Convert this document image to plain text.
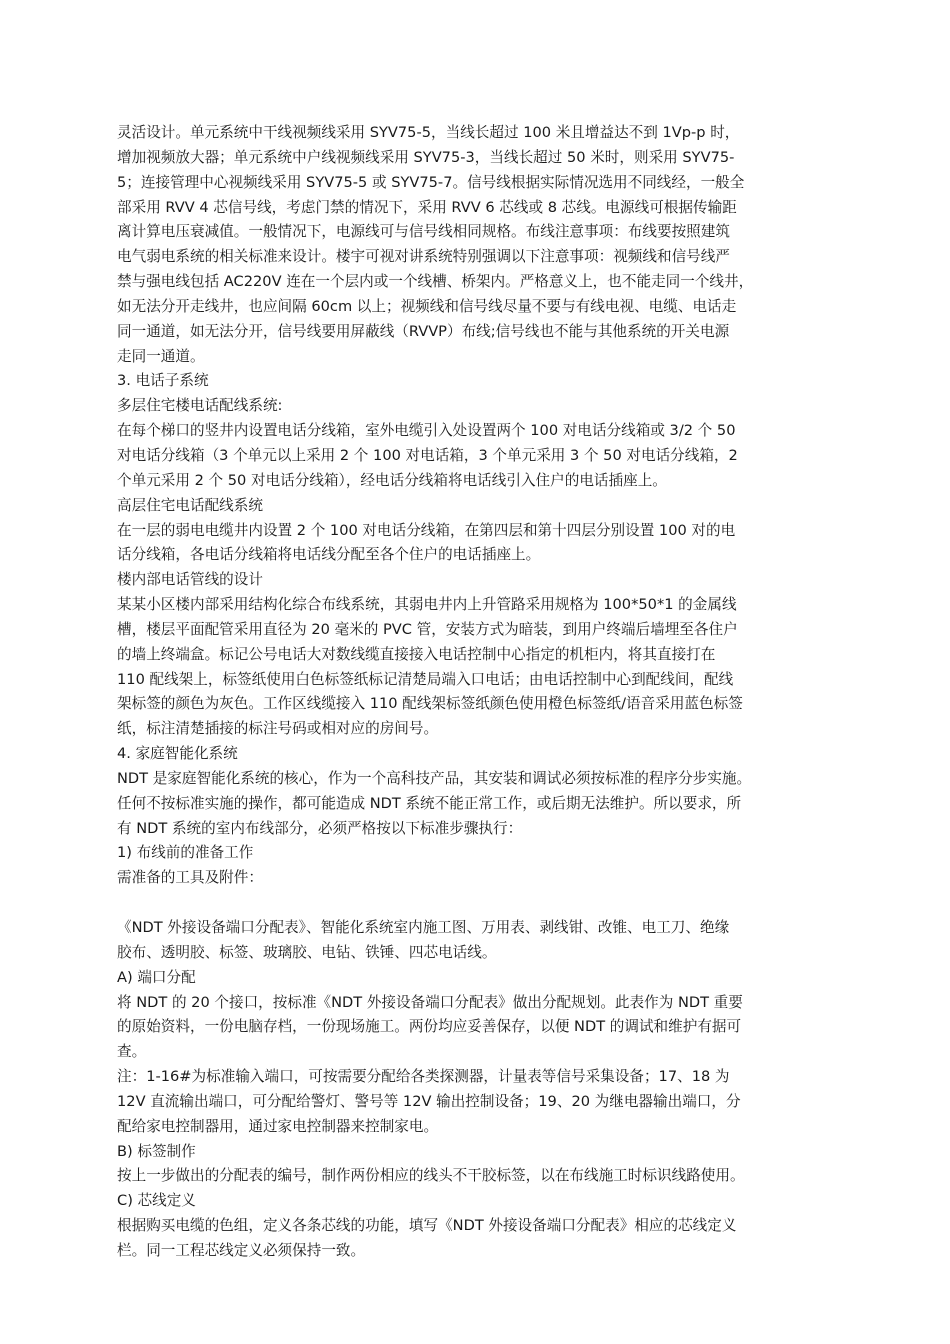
灵活设计。单元系统中干线视频线采用 SYV75-5，当线长超过 100 米且增益达不到 1Vp-p 时，
增加视频放大器；单元系统中户线视频线采用 SYV75-3，当线长超过 50 米时，则采用 SYV75-
5；连接管理中心视频线采用 SYV75-5 或 SYV75-7。信号线根据实际情况选用不同线经，一般全
部采用 RVV 4 芯信号线，考虑门禁的情况下，采用 RVV 6 芯线或 8 芯线。电源线可根据传输距
离计算电压衰减值。一般情况下，电源线可与信号线相同规格。布线注意事项：布线要按照建筑
电气弱电系统的相关标准来设计。楼宇可视对讲系统特别强调以下注意事项：视频线和信号线严
禁与强电线包括 AC220V 连在一个层内或一个线槽、桥架内。严格意义上，也不能走同一个线井，
如无法分开走线井，也应间隔 60cm 以上；视频线和信号线尽量不要与有线电视、电缆、电话走
同一通道，如无法分开，信号线要用屏蔽线（RVVP）布线;信号线也不能与其他系统的开关电源
走同一通道。
3. 电话子系统
多层住宅楼电话配线系统:
在每个梯口的竖井内设置电话分线箱，室外电缆引入处设置两个 100 对电话分线箱或 3/2 个 50
对电话分线箱（3 个单元以上采用 2 个 100 对电话箱，3 个单元采用 3 个 50 对电话分线箱，2
个单元采用 2 个 50 对电话分线箱），经电话分线箱将电话线引入住户的电话插座上。
高层住宅电话配线系统
在一层的弱电电缆井内设置 2 个 100 对电话分线箱，在第四层和第十四层分别设置 100 对的电
话分线箱，各电话分线箱将电话线分配至各个住户的电话插座上。
楼内部电话管线的设计
某某小区楼内部采用结构化综合布线系统，其弱电井内上升管路采用规格为 100*50*1 的金属线
槽，楼层平面配管采用直径为 20 毫米的 PVC 管，安装方式为暗装，到用户终端后墙埋至各住户
的墙上终端盒。标记公号电话大对数线缆直接接入电话控制中心指定的机柜内，将其直接打在
110 配线架上，标签纸使用白色标签纸标记清楚局端入口电话；由电话控制中心到配线间，配线
架标签的颜色为灰色。工作区线缆接入 110 配线架标签纸颜色使用橙色标签纸/语音采用蓝色标签
纸，标注清楚插接的标注号码或相对应的房间号。
4. 家庭智能化系统
NDT 是家庭智能化系统的核心，作为一个高科技产品，其安装和调试必须按标准的程序分步实施。
任何不按标准实施的操作，都可能造成 NDT 系统不能正常工作，或后期无法维护。所以要求，所
有 NDT 系统的室内布线部分，必须严格按以下标准步骤执行：
1) 布线前的准备工作
需准备的工具及附件：
《NDT 外接设备端口分配表》、智能化系统室内施工图、万用表、剥线钳、改锥、电工刀、绝缘
胶布、透明胶、标签、玻璃胶、电钻、铁锤、四芯电话线。
A) 端口分配
将 NDT 的 20 个接口，按标准《NDT 外接设备端口分配表》做出分配规划。此表作为 NDT 重要
的原始资料，一份电脑存档，一份现场施工。两份均应妥善保存，以便 NDT 的调试和维护有据可
查。
注：1-16#为标准输入端口，可按需要分配给各类探测器，计量表等信号采集设备；17、18 为
12V 直流输出端口，可分配给警灯、警号等 12V 输出控制设备；19、20 为继电器输出端口，分
配给家电控制器用，通过家电控制器来控制家电。
B) 标签制作
按上一步做出的分配表的编号，制作两份相应的线头不干胶标签，以在布线施工时标识线路使用。
C) 芯线定义
根据购买电缆的色组，定义各条芯线的功能，填写《NDT 外接设备端口分配表》相应的芯线定义
栏。同一工程芯线定义必须保持一致。
